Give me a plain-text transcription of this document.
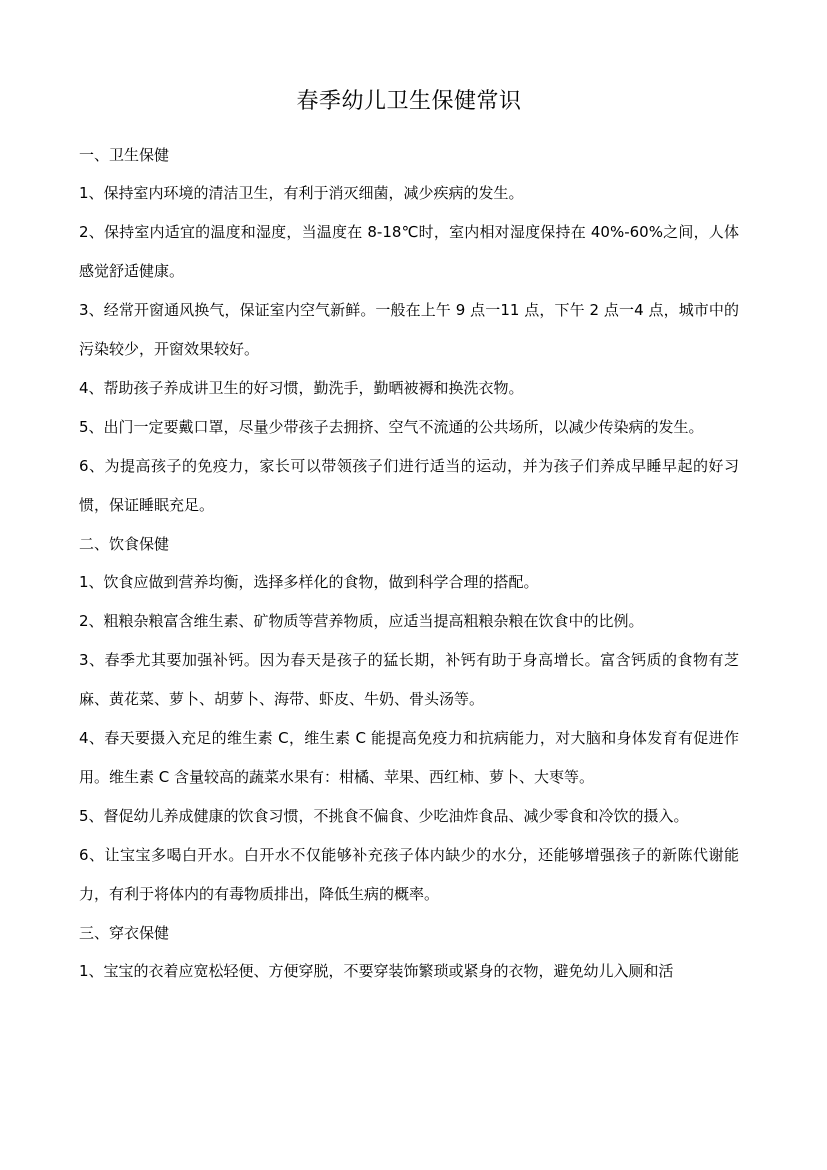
春季幼儿卫生保健常识
一、卫生保健

1、保持室内环境的清洁卫生，有利于消灭细菌，减少疾病的发生。

2、保持室内适宜的温度和湿度，当温度在 8-18℃时，室内相对湿度保持在 40%-60%之间，人体感觉舒适健康。

3、经常开窗通风换气，保证室内空气新鲜。一般在上午 9 点一11 点，下午 2 点一4 点，城市中的污染较少，开窗效果较好。

4、帮助孩子养成讲卫生的好习惯，勤洗手，勤晒被褥和换洗衣物。

5、出门一定要戴口罩，尽量少带孩子去拥挤、空气不流通的公共场所，以减少传染病的发生。

6、为提高孩子的免疫力，家长可以带领孩子们进行适当的运动，并为孩子们养成早睡早起的好习惯，保证睡眠充足。

二、饮食保健

1、饮食应做到营养均衡，选择多样化的食物，做到科学合理的搭配。

2、粗粮杂粮富含维生素、矿物质等营养物质，应适当提高粗粮杂粮在饮食中的比例。

3、春季尤其要加强补钙。因为春天是孩子的猛长期，补钙有助于身高增长。富含钙质的食物有芝麻、黄花菜、萝卜、胡萝卜、海带、虾皮、牛奶、骨头汤等。

4、春天要摄入充足的维生素 C，维生素 C 能提高免疫力和抗病能力，对大脑和身体发育有促进作用。维生素 C 含量较高的蔬菜水果有：柑橘、苹果、西红柿、萝卜、大枣等。

5、督促幼儿养成健康的饮食习惯，不挑食不偏食、少吃油炸食品、减少零食和冷饮的摄入。

6、让宝宝多喝白开水。白开水不仅能够补充孩子体内缺少的水分，还能够增强孩子的新陈代谢能力，有利于将体内的有毒物质排出，降低生病的概率。

三、穿衣保健

1、宝宝的衣着应宽松轻便、方便穿脱，不要穿装饰繁琐或紧身的衣物，避免幼儿入厕和活
